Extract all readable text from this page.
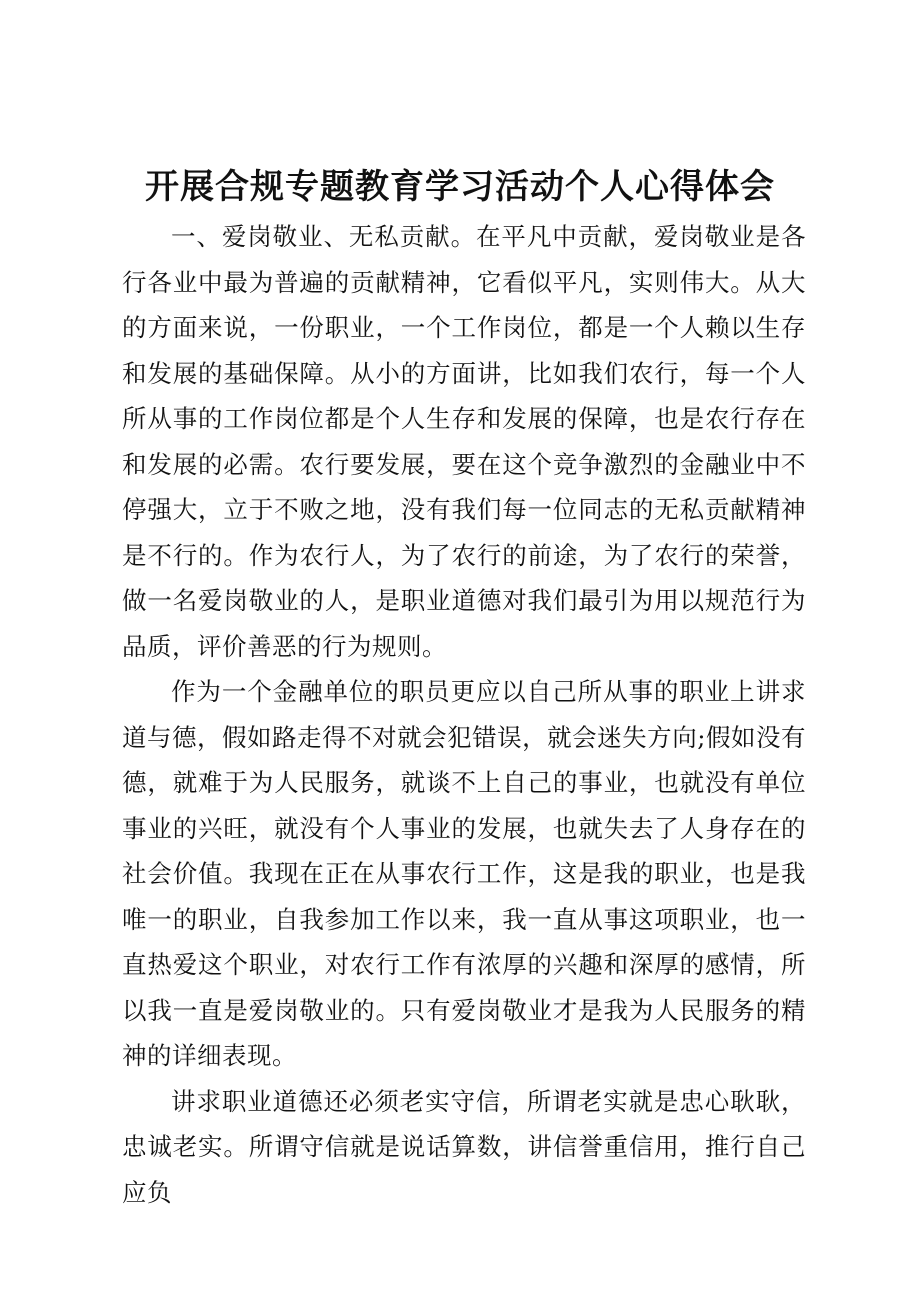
开展合规专题教育学习活动个人心得体会

一、爱岗敬业、无私贡献。在平凡中贡献，爱岗敬业是各行各业中最为普遍的贡献精神，它看似平凡，实则伟大。从大的方面来说，一份职业，一个工作岗位，都是一个人赖以生存和发展的基础保障。从小的方面讲，比如我们农行，每一个人所从事的工作岗位都是个人生存和发展的保障，也是农行存在和发展的必需。农行要发展，要在这个竞争激烈的金融业中不停强大，立于不败之地，没有我们每一位同志的无私贡献精神是不行的。作为农行人，为了农行的前途，为了农行的荣誉，做一名爱岗敬业的人，是职业道德对我们最引为用以规范行为品质，评价善恶的行为规则。

作为一个金融单位的职员更应以自己所从事的职业上讲求道与德，假如路走得不对就会犯错误，就会迷失方向;假如没有德，就难于为人民服务，就谈不上自己的事业，也就没有单位事业的兴旺，就没有个人事业的发展，也就失去了人身存在的社会价值。我现在正在从事农行工作，这是我的职业，也是我唯一的职业，自我参加工作以来，我一直从事这项职业，也一直热爱这个职业，对农行工作有浓厚的兴趣和深厚的感情，所以我一直是爱岗敬业的。只有爱岗敬业才是我为人民服务的精神的详细表现。

讲求职业道德还必须老实守信，所谓老实就是忠心耿耿，忠诚老实。所谓守信就是说话算数，讲信誉重信用，推行自己应负
